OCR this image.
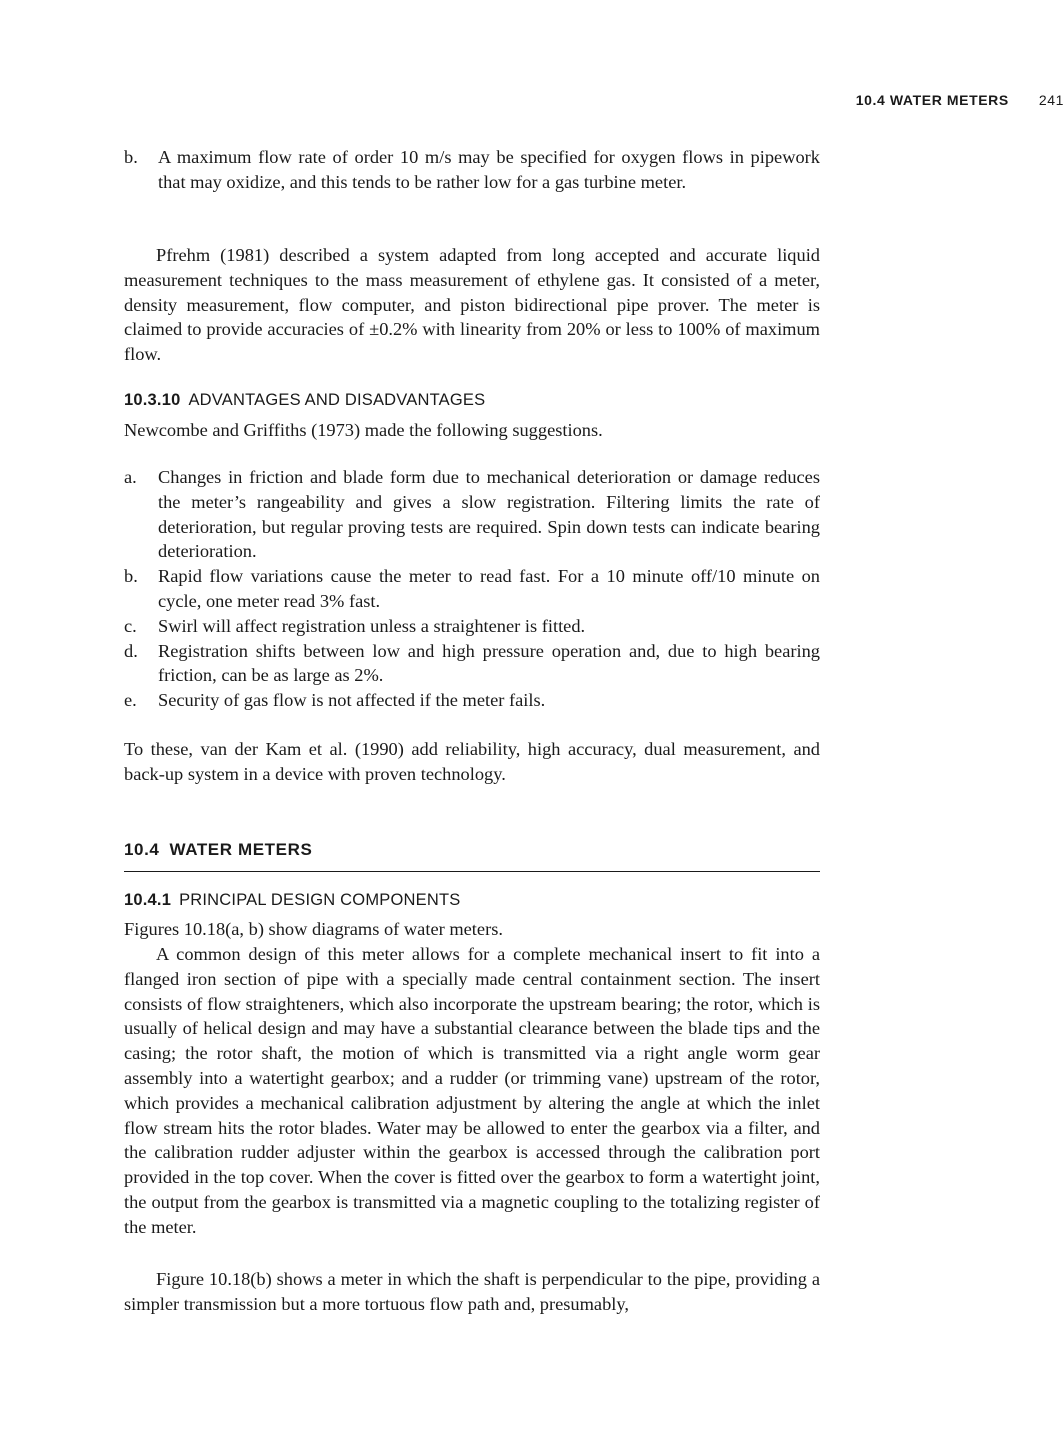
10.4 WATER METERS 241
b. A maximum flow rate of order 10 m/s may be specified for oxygen flows in pipework that may oxidize, and this tends to be rather low for a gas turbine meter.

Pfrehm (1981) described a system adapted from long accepted and accurate liquid measurement techniques to the mass measurement of ethylene gas. It consisted of a meter, density measurement, flow computer, and piston bidirectional pipe prover. The meter is claimed to provide accuracies of ±0.2% with linearity from 20% or less to 100% of maximum flow.

10.3.10 ADVANTAGES AND DISADVANTAGES

Newcombe and Griffiths (1973) made the following suggestions.

a. Changes in friction and blade form due to mechanical deterioration or damage reduces the meter’s rangeability and gives a slow registration. Filtering limits the rate of deterioration, but regular proving tests are required. Spin down tests can indicate bearing deterioration.
b. Rapid flow variations cause the meter to read fast. For a 10 minute off/10 minute on cycle, one meter read 3% fast.
c. Swirl will affect registration unless a straightener is fitted.
d. Registration shifts between low and high pressure operation and, due to high bearing friction, can be as large as 2%.
e. Security of gas flow is not affected if the meter fails.

To these, van der Kam et al. (1990) add reliability, high accuracy, dual measurement, and back-up system in a device with proven technology.

10.4 WATER METERS

10.4.1 PRINCIPAL DESIGN COMPONENTS

Figures 10.18(a, b) show diagrams of water meters.

A common design of this meter allows for a complete mechanical insert to fit into a flanged iron section of pipe with a specially made central containment section. The insert consists of flow straighteners, which also incorporate the upstream bearing; the rotor, which is usually of helical design and may have a substantial clearance between the blade tips and the casing; the rotor shaft, the motion of which is transmitted via a right angle worm gear assembly into a watertight gearbox; and a rudder (or trimming vane) upstream of the rotor, which provides a mechanical calibration adjustment by altering the angle at which the inlet flow stream hits the rotor blades. Water may be allowed to enter the gearbox via a filter, and the calibration rudder adjuster within the gearbox is accessed through the calibration port provided in the top cover. When the cover is fitted over the gearbox to form a watertight joint, the output from the gearbox is transmitted via a magnetic coupling to the totalizing register of the meter.

Figure 10.18(b) shows a meter in which the shaft is perpendicular to the pipe, providing a simpler transmission but a more tortuous flow path and, presumably,
